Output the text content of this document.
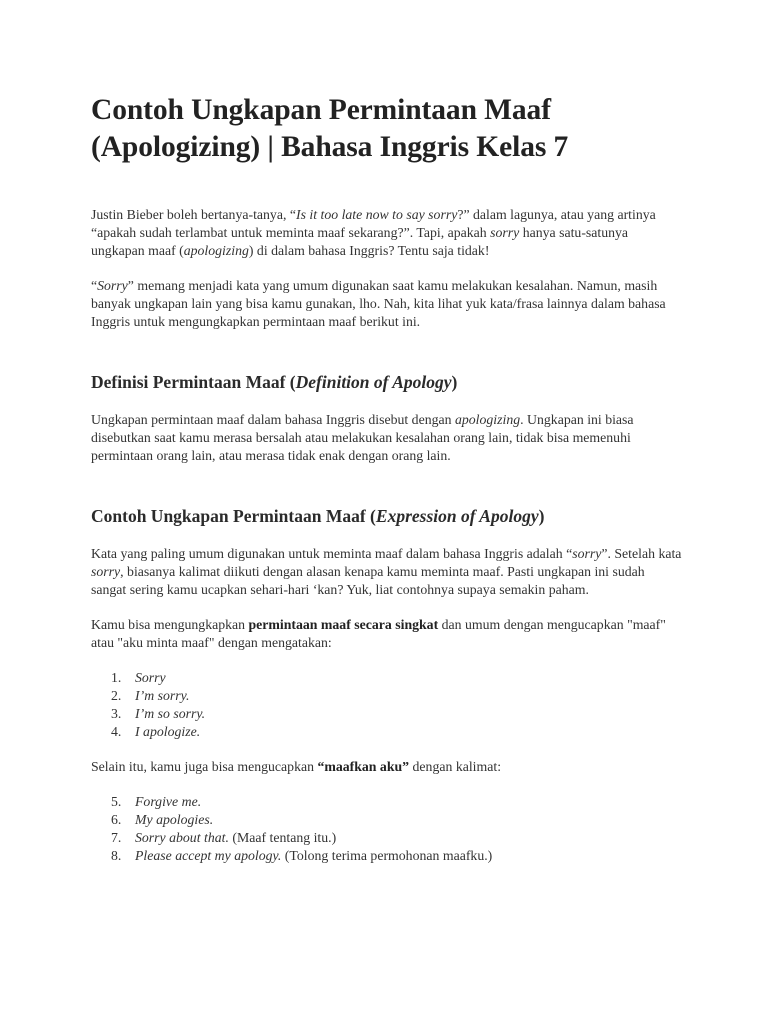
Contoh Ungkapan Permintaan Maaf (Apologizing) | Bahasa Inggris Kelas 7

Justin Bieber boleh bertanya-tanya, “Is it too late now to say sorry?” dalam lagunya, atau yang artinya “apakah sudah terlambat untuk meminta maaf sekarang?”. Tapi, apakah sorry hanya satu-satunya ungkapan maaf (apologizing) di dalam bahasa Inggris? Tentu saja tidak!

“Sorry” memang menjadi kata yang umum digunakan saat kamu melakukan kesalahan. Namun, masih banyak ungkapan lain yang bisa kamu gunakan, lho. Nah, kita lihat yuk kata/frasa lainnya dalam bahasa Inggris untuk mengungkapkan permintaan maaf berikut ini.

Definisi Permintaan Maaf (Definition of Apology)

Ungkapan permintaan maaf dalam bahasa Inggris disebut dengan apologizing. Ungkapan ini biasa disebutkan saat kamu merasa bersalah atau melakukan kesalahan orang lain, tidak bisa memenuhi permintaan orang lain, atau merasa tidak enak dengan orang lain.

Contoh Ungkapan Permintaan Maaf (Expression of Apology)

Kata yang paling umum digunakan untuk meminta maaf dalam bahasa Inggris adalah “sorry”. Setelah kata sorry, biasanya kalimat diikuti dengan alasan kenapa kamu meminta maaf. Pasti ungkapan ini sudah sangat sering kamu ucapkan sehari-hari ‘kan? Yuk, liat contohnya supaya semakin paham.

Kamu bisa mengungkapkan permintaan maaf secara singkat dan umum dengan mengucapkan "maaf" atau "aku minta maaf" dengan mengatakan:

1. Sorry
2. I’m sorry.
3. I’m so sorry.
4. I apologize.

Selain itu, kamu juga bisa mengucapkan “maafkan aku” dengan kalimat:

5. Forgive me.
6. My apologies.
7. Sorry about that. (Maaf tentang itu.)
8. Please accept my apology. (Tolong terima permohonan maafku.)
